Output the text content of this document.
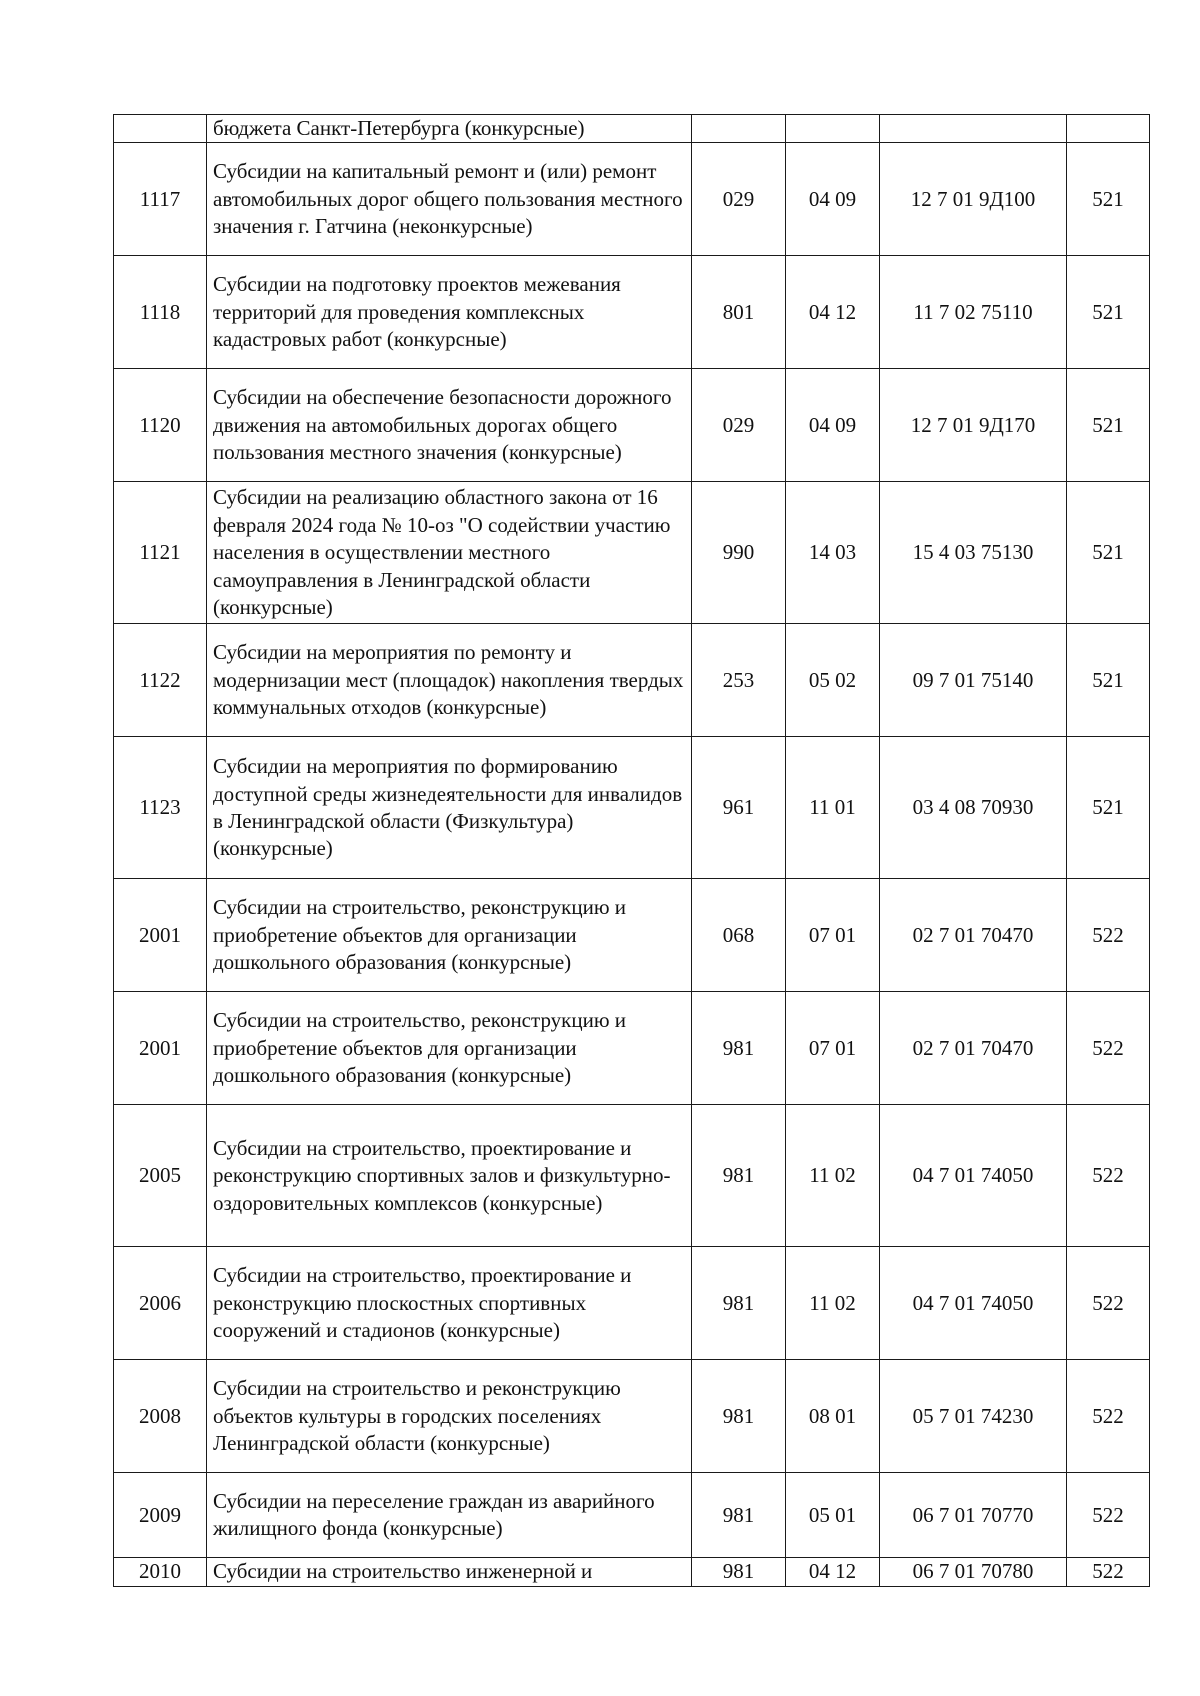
	бюджета Санкт-Петербурга (конкурсные)				
1117	Субсидии на капитальный ремонт и (или) ремонт автомобильных дорог общего пользования местного значения г. Гатчина (неконкурсные)	029	04 09	12 7 01 9Д100	521
1118	Субсидии на подготовку проектов межевания территорий для проведения комплексных кадастровых работ (конкурсные)	801	04 12	11 7 02 75110	521
1120	Субсидии на обеспечение безопасности дорожного движения на автомобильных дорогах общего пользования местного значения (конкурсные)	029	04 09	12 7 01 9Д170	521
1121	Субсидии на реализацию областного закона от 16 февраля 2024 года № 10-оз "О содействии участию населения в осуществлении местного самоуправления в Ленинградской области (конкурсные)	990	14 03	15 4 03 75130	521
1122	Субсидии на мероприятия по ремонту и модернизации мест (площадок) накопления твердых коммунальных отходов (конкурсные)	253	05 02	09 7 01 75140	521
1123	Субсидии на мероприятия по формированию доступной среды жизнедеятельности для инвалидов в Ленинградской области (Физкультура) (конкурсные)	961	11 01	03 4 08 70930	521
2001	Субсидии на строительство, реконструкцию и приобретение объектов для организации дошкольного образования (конкурсные)	068	07 01	02 7 01 70470	522
2001	Субсидии на строительство, реконструкцию и приобретение объектов для организации дошкольного образования (конкурсные)	981	07 01	02 7 01 70470	522
2005	Субсидии на строительство, проектирование и реконструкцию спортивных залов и физкультурно-оздоровительных комплексов (конкурсные)	981	11 02	04 7 01 74050	522
2006	Субсидии на строительство, проектирование и реконструкцию плоскостных спортивных сооружений и стадионов (конкурсные)	981	11 02	04 7 01 74050	522
2008	Субсидии на строительство и реконструкцию объектов культуры в городских поселениях Ленинградской области (конкурсные)	981	08 01	05 7 01 74230	522
2009	Субсидии на переселение граждан из аварийного жилищного фонда (конкурсные)	981	05 01	06 7 01 70770	522
2010	Субсидии на строительство инженерной и	981	04 12	06 7 01 70780	522
